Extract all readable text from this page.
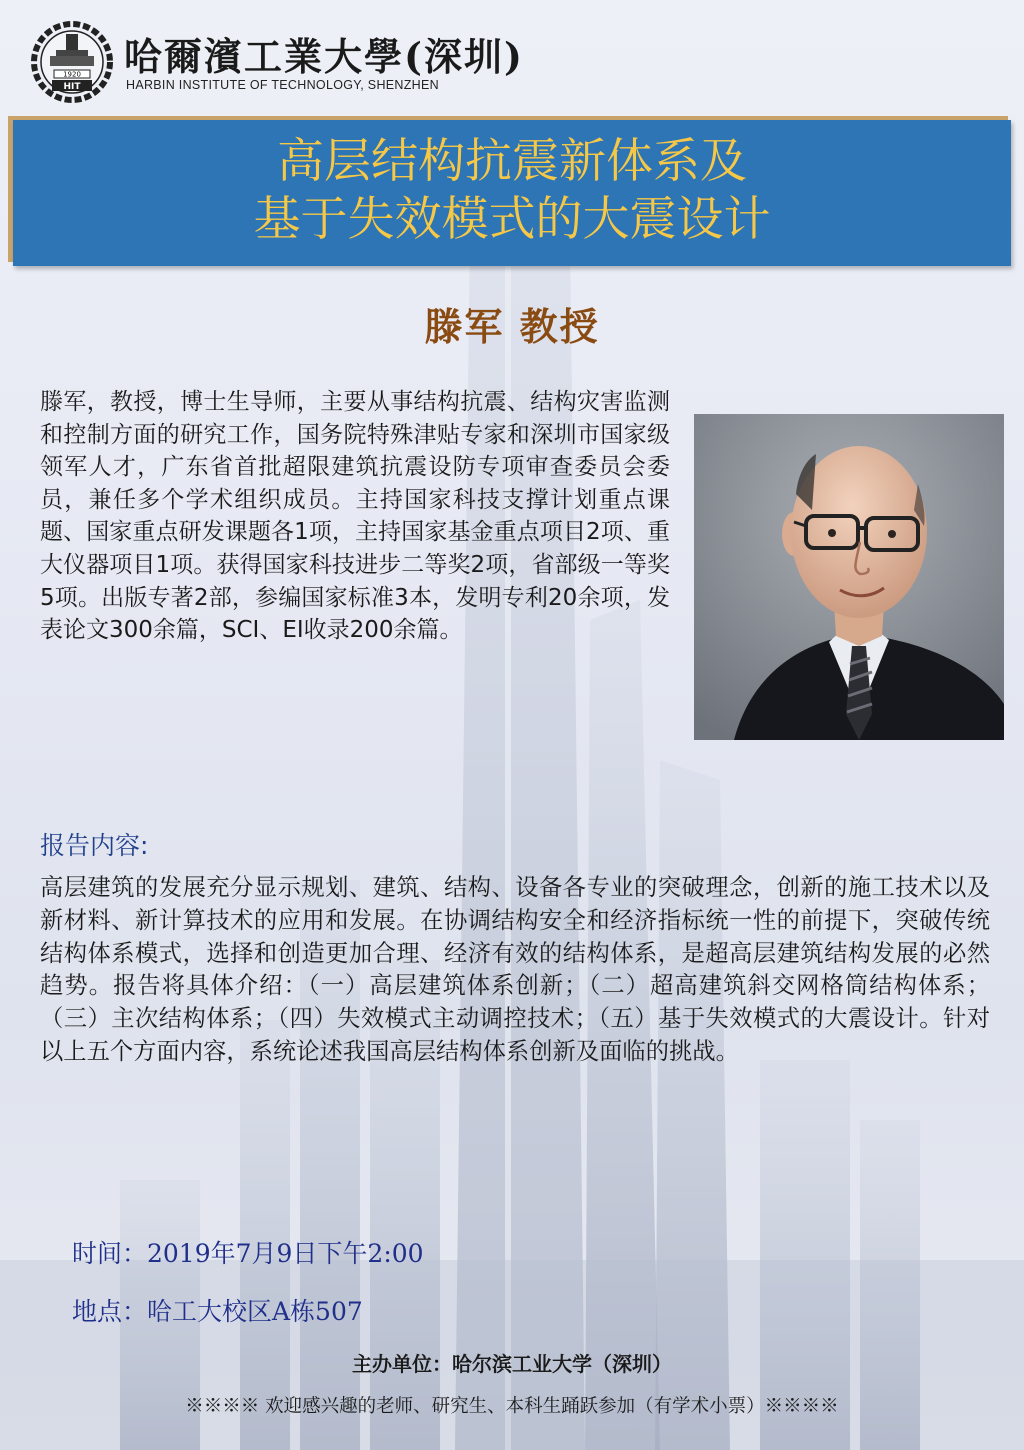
1920
HIT
哈爾濱工業大學(深圳)
HARBIN INSTITUTE OF TECHNOLOGY, SHENZHEN
高层结构抗震新体系及
基于失效模式的大震设计
滕军 教授
滕军，教授，博士生导师，主要从事结构抗震、结构灾害监测和控制方面的研究工作，国务院特殊津贴专家和深圳市国家级领军人才，广东省首批超限建筑抗震设防专项审查委员会委员，兼任多个学术组织成员。主持国家科技支撑计划重点课题、国家重点研发课题各1项，主持国家基金重点项目2项、重大仪器项目1项。获得国家科技进步二等奖2项，省部级一等奖5项。出版专著2部，参编国家标准3本，发明专利20余项，发表论文300余篇，SCI、EI收录200余篇。
报告内容:
高层建筑的发展充分显示规划、建筑、结构、设备各专业的突破理念，创新的施工技术以及新材料、新计算技术的应用和发展。在协调结构安全和经济指标统一性的前提下，突破传统结构体系模式，选择和创造更加合理、经济有效的结构体系，是超高层建筑结构发展的必然趋势。报告将具体介绍：（一）高层建筑体系创新；（二）超高建筑斜交网格筒结构体系；（三）主次结构体系；（四）失效模式主动调控技术；（五）基于失效模式的大震设计。针对以上五个方面内容，系统论述我国高层结构体系创新及面临的挑战。
时间：2019年7月9日下午2:00
地点：哈工大校区A栋507
主办单位：哈尔滨工业大学（深圳）
※※※※ 欢迎感兴趣的老师、研究生、本科生踊跃参加（有学术小票）※※※※
